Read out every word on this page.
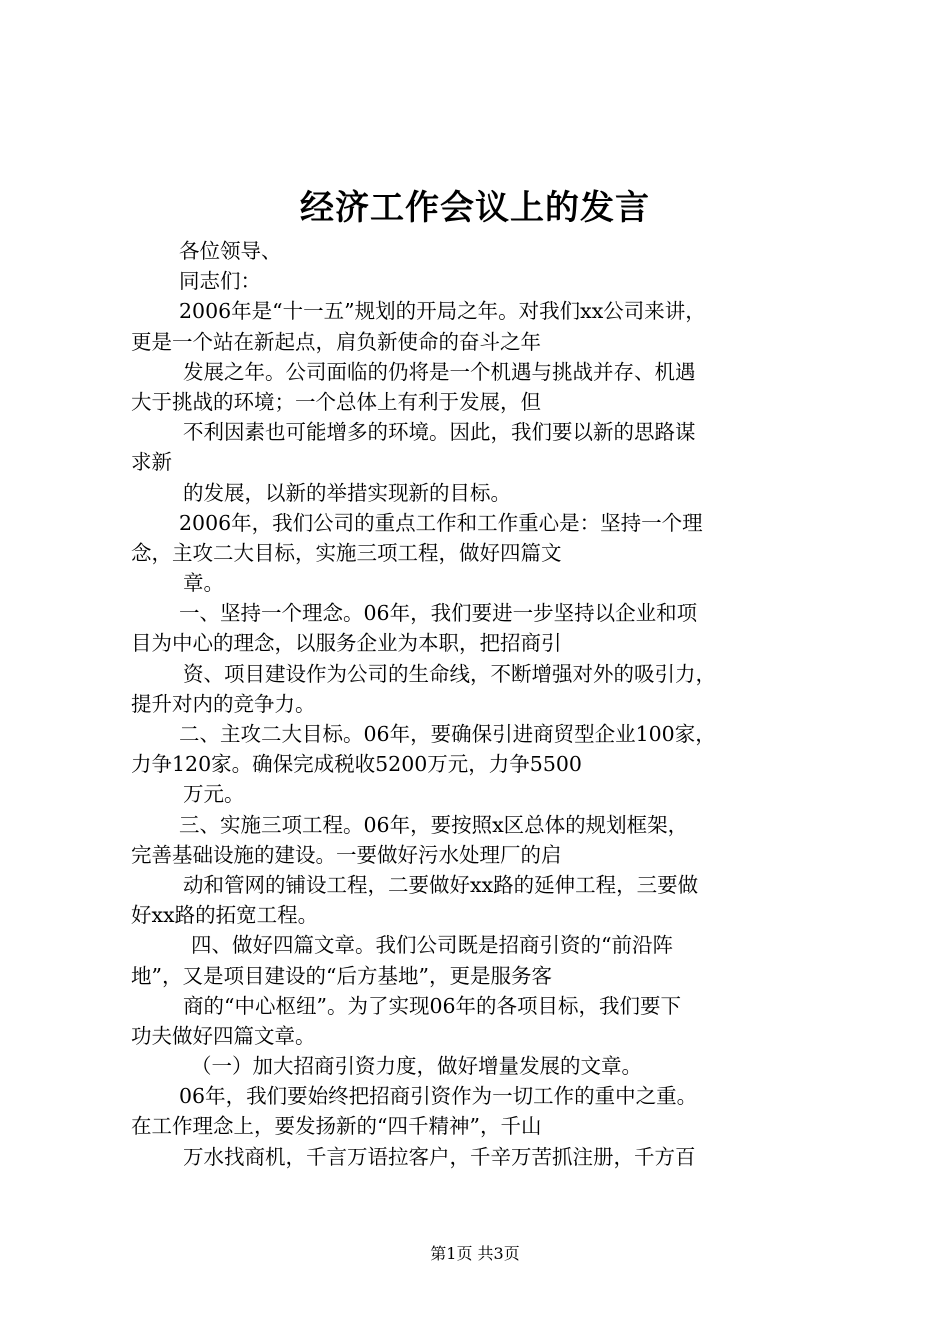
经济工作会议上的发言
各位领导、
同志们：
2006年是“十一五”规划的开局之年。对我们xx公司来讲，
更是一个站在新起点，肩负新使命的奋斗之年
发展之年。公司面临的仍将是一个机遇与挑战并存、机遇
大于挑战的环境；一个总体上有利于发展，但
不利因素也可能增多的环境。因此，我们要以新的思路谋
求新
的发展，以新的举措实现新的目标。
2006年，我们公司的重点工作和工作重心是：坚持一个理
念，主攻二大目标，实施三项工程，做好四篇文
章。
一、坚持一个理念。06年，我们要进一步坚持以企业和项
目为中心的理念，以服务企业为本职，把招商引
资、项目建设作为公司的生命线，不断增强对外的吸引力，
提升对内的竞争力。
二、主攻二大目标。06年，要确保引进商贸型企业100家，
力争120家。确保完成税收5200万元，力争5500
万元。
三、实施三项工程。06年，要按照x区总体的规划框架，
完善基础设施的建设。一要做好污水处理厂的启
动和管网的铺设工程，二要做好xx路的延伸工程，三要做
好xx路的拓宽工程。
四、做好四篇文章。我们公司既是招商引资的“前沿阵
地”，又是项目建设的“后方基地”，更是服务客
商的“中心枢纽”。为了实现06年的各项目标，我们要下
功夫做好四篇文章。
（一）加大招商引资力度，做好增量发展的文章。
06年，我们要始终把招商引资作为一切工作的重中之重。
在工作理念上，要发扬新的“四千精神”，千山
万水找商机，千言万语拉客户，千辛万苦抓注册，千方百
第1页 共3页
